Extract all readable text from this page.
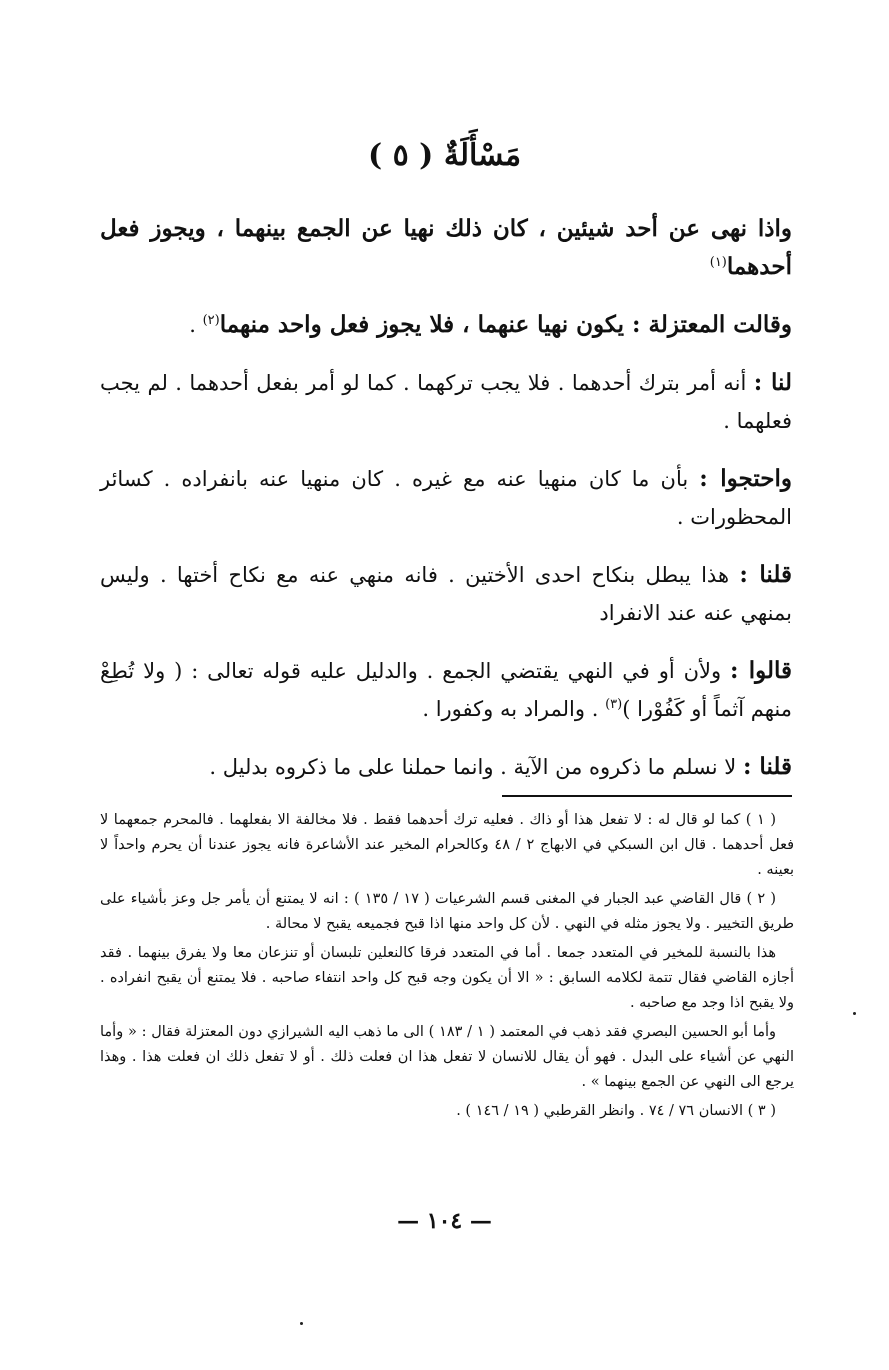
مَسْأَلَةٌ ( ٥ )

واذا نهى عن أحد شيئين ، كان ذلك نهيا عن الجمع بينهما ، ويجوز فعل أحدهما$^{(١)}$

وقالت المعتزلة : يكون نهيا عنهما ، فلا يجوز فعل واحد منهما$^{(٢)}$ .

لنا : أنه أمر بترك أحدهما . فلا يجب تركهما . كما لو أمر بفعل أحدهما . لم يجب فعلهما .

واحتجوا : بأن ما كان منهيا عنه مع غيره . كان منهيا عنه بانفراده . كسائر المحظورات .

قلنا : هذا يبطل بنكاح احدى الأختين . فانه منهي عنه مع نكاح أختها . وليس بمنهي عنه عند الانفراد

قالوا : ولأن أو في النهي يقتضي الجمع . والدليل عليه قوله تعالى : ( ولا تُطِعْ منهم آثماً أو كَفُوْرا )$^{(٣)}$ . والمراد به وكفورا .

قلنا : لا نسلم ما ذكروه من الآية . وانما حملنا على ما ذكروه بدليل .

( ١ ) كما لو قال له : لا تفعل هذا أو ذاك . فعليه ترك أحدهما فقط . فلا مخالفة الا بفعلهما . فالمحرم جمعهما لا فعل أحدهما . قال ابن السبكي في الابهاج ٢ / ٤٨ وكالحرام المخير عند الأشاعرة فانه يجوز عندنا أن يحرم واحداً لا بعينه .

( ٢ ) قال القاضي عبد الجبار في المغنى قسم الشرعيات ( ١٧ / ١٣٥ ) : انه لا يمتنع أن يأمر جل وعز بأشياء على طريق التخيير . ولا يجوز مثله في النهي . لأن كل واحد منها اذا قبح فجميعه يقبح لا محالة .

هذا بالنسبة للمخير في المتعدد جمعا . أما في المتعدد فرقا كالنعلين تلبسان أو تنزعان معا ولا يفرق بينهما . فقد أجازه القاضي فقال تتمة لكلامه السابق : « الا أن يكون وجه قبح كل واحد انتفاء صاحبه . فلا يمتنع أن يقبح انفراده . ولا يقبح اذا وجد مع صاحبه .

وأما أبو الحسين البصري فقد ذهب في المعتمد ( ١ / ١٨٣ ) الى ما ذهب اليه الشيرازي دون المعتزلة فقال : « وأما النهي عن أشياء على البدل . فهو أن يقال للانسان لا تفعل هذا ان فعلت ذلك . أو لا تفعل ذلك ان فعلت هذا . وهذا يرجع الى النهي عن الجمع بينهما » .

( ٣ ) الانسان ٧٦ / ٧٤ . وانظر القرطبي ( ١٩ / ١٤٦ ) .

— ١٠٤ —
